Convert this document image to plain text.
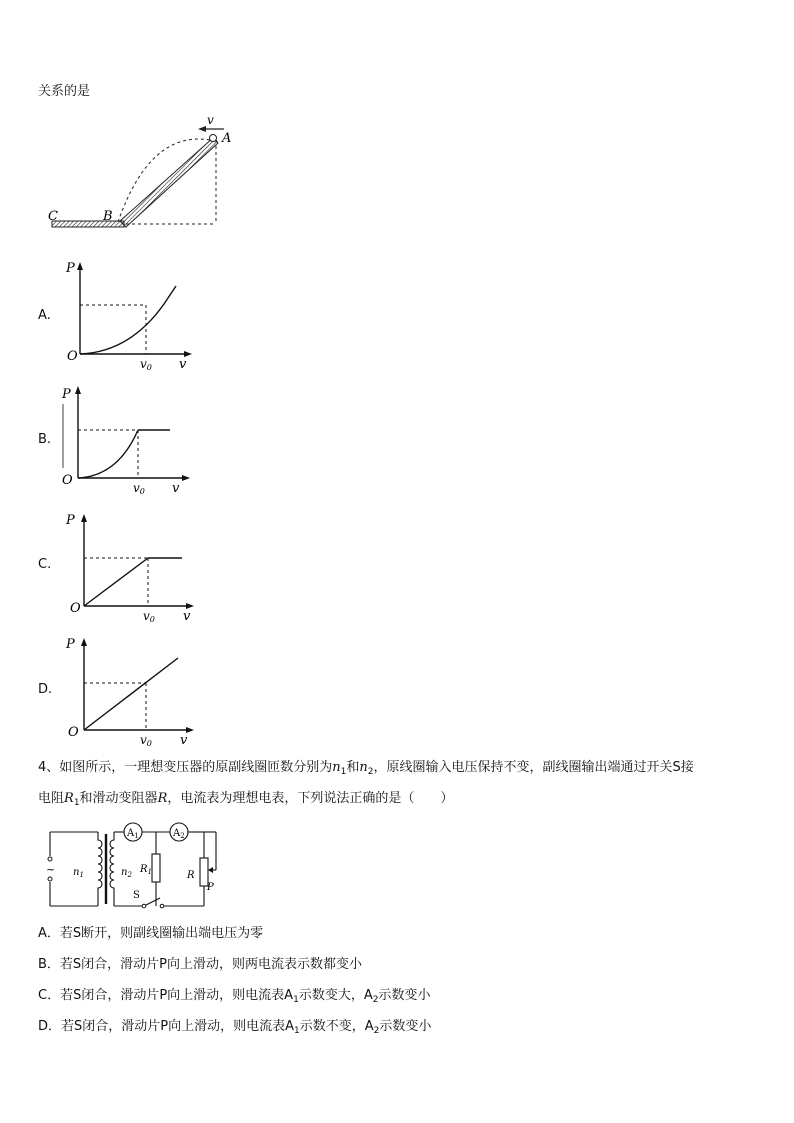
关系的是
v
A
B
C
A.
P
O	v0 v
B.
P
O	v0 v
C.
P
O	v0 v
D.
P
O	v0 v
4、如图所示，一理想变压器的原副线圈匝数分别为$n_1$和$n_2$，原线圈输入电压保持不变，副线圈输出端通过开关S接
电阻$R_1$和滑动变阻器R，电流表为理想电表，下列说法正确的是（　　）
~ $n_1$	$n_2$
$A_1$	$A_2$
$R_1$	R
P
S
A．若S断开，则副线圈输出端电压为零
B．若S闭合，滑动片P向上滑动，则两电流表示数都变小
C．若S闭合，滑动片P向上滑动，则电流表$A_1$示数变大，$A_2$示数变小
D．若S闭合，滑动片P向上滑动，则电流表$A_1$示数不变，$A_2$示数变小
